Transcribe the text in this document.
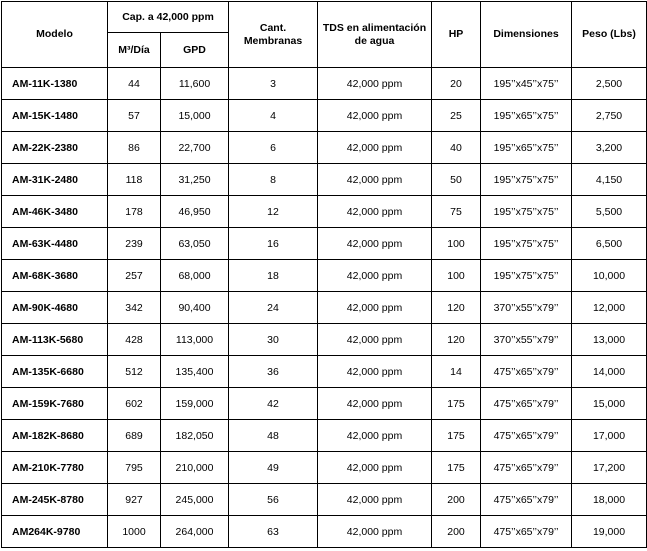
Modelo	Cap. a 42,000 ppm		Cant. Membranas	TDS en alimentación de agua	HP	Dimensiones	Peso (Lbs)
	M³/Día	GPD					
AM-11K-1380	44	11,600	3	42,000 ppm	20	195’’x45’’x75’’	2,500
AM-15K-1480	57	15,000	4	42,000 ppm	25	195’’x65’’x75’’	2,750
AM-22K-2380	86	22,700	6	42,000 ppm	40	195’’x65’’x75’’	3,200
AM-31K-2480	118	31,250	8	42,000 ppm	50	195’’x75’’x75’’	4,150
AM-46K-3480	178	46,950	12	42,000 ppm	75	195’’x75’’x75’’	5,500
AM-63K-4480	239	63,050	16	42,000 ppm	100	195’’x75’’x75’’	6,500
AM-68K-3680	257	68,000	18	42,000 ppm	100	195’’x75’’x75’’	10,000
AM-90K-4680	342	90,400	24	42,000 ppm	120	370’’x55’’x79’’	12,000
AM-113K-5680	428	113,000	30	42,000 ppm	120	370’’x55’’x79’’	13,000
AM-135K-6680	512	135,400	36	42,000 ppm	14	475’’x65’’x79’’	14,000
AM-159K-7680	602	159,000	42	42,000 ppm	175	475’’x65’’x79’’	15,000
AM-182K-8680	689	182,050	48	42,000 ppm	175	475’’x65’’x79’’	17,000
AM-210K-7780	795	210,000	49	42,000 ppm	175	475’’x65’’x79’’	17,200
AM-245K-8780	927	245,000	56	42,000 ppm	200	475’’x65’’x79’’	18,000
AM264K-9780	1000	264,000	63	42,000 ppm	200	475’’x65’’x79’’	19,000
